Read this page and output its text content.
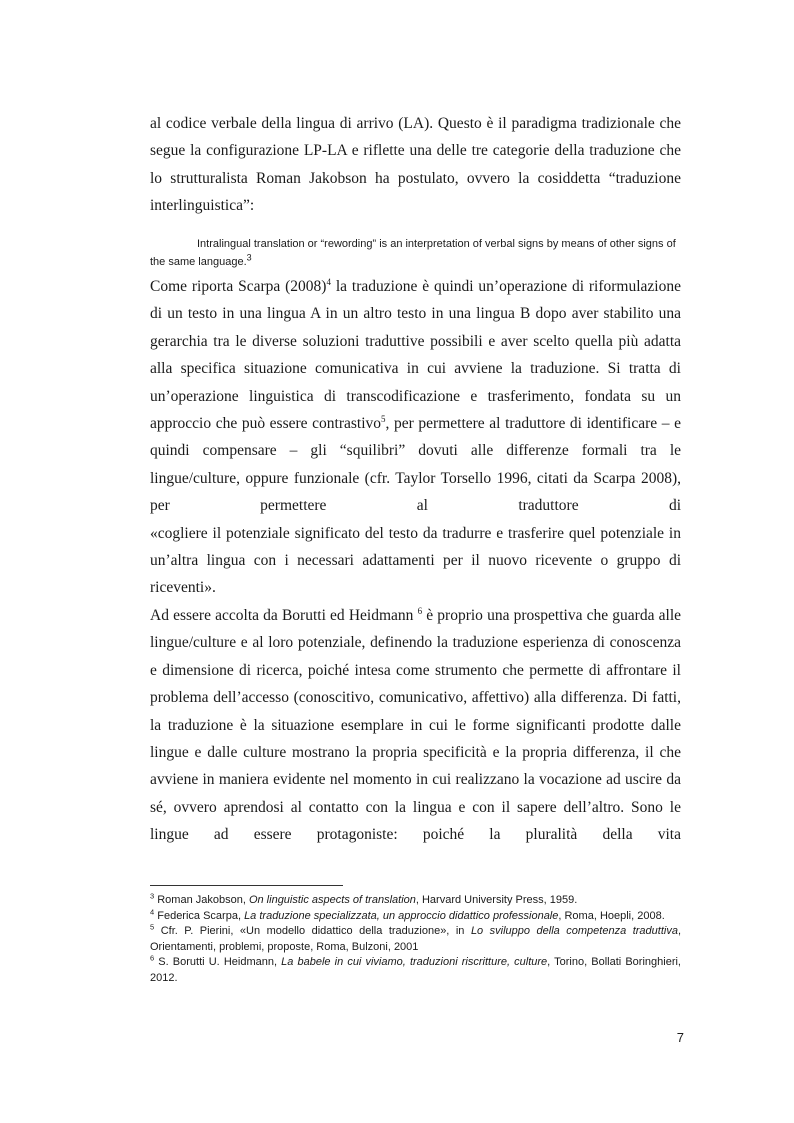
al codice verbale della lingua di arrivo (LA). Questo è il paradigma tradizionale che segue la configurazione LP-LA e riflette una delle tre categorie della traduzione che lo strutturalista Roman Jakobson ha postulato, ovvero la cosiddetta “traduzione interlinguistica”:

Intralingual translation or “rewording” is an interpretation of verbal signs by means of other signs of the same language.$^3$

Come riporta Scarpa $(2008)^4$ la traduzione è quindi un’operazione di riformulazione di un testo in una lingua A in un altro testo in una lingua B dopo aver stabilito una gerarchia tra le diverse soluzioni traduttive possibili e aver scelto quella più adatta alla specifica situazione comunicativa in cui avviene la traduzione. Si tratta di un’operazione linguistica di transcodificazione e trasferimento, fondata su un approccio che può essere contrastivo$^5$, per permettere al traduttore di identificare – e quindi compensare – gli “squilibri” dovuti alle differenze formali tra le lingue/culture, oppure funzionale (cfr. Taylor Torsello 1996, citati da Scarpa 2008),

per permettere al traduttore di

«cogliere il potenziale significato del testo da tradurre e trasferire quel potenziale in un’altra lingua con i necessari adattamenti per il nuovo ricevente o gruppo di riceventi».

Ad essere accolta da Borutti ed Heidmann $^6$ è proprio una prospettiva che guarda alle lingue/culture e al loro potenziale, definendo la traduzione esperienza di conoscenza e dimensione di ricerca, poiché intesa come strumento che permette di affrontare il problema dell’accesso (conoscitivo, comunicativo, affettivo) alla differenza. Di fatti, la traduzione è la situazione esemplare in cui le forme significanti prodotte dalle lingue e dalle culture mostrano la propria specificità e la propria differenza, il che avviene in maniera evidente nel momento in cui realizzano la vocazione ad uscire da sé, ovvero aprendosi al contatto con la lingua e con il sapere dell’altro. Sono le lingue ad essere protagoniste: poiché la pluralità della vita

$^3$ Roman Jakobson, On linguistic aspects of translation, Harvard University Press, 1959.

$^4$ Federica Scarpa, La traduzione specializzata, un approccio didattico professionale, Roma, Hoepli, 2008.

$^5$ Cfr. P. Pierini, «Un modello didattico della traduzione», in Lo sviluppo della competenza traduttiva, Orientamenti, problemi, proposte, Roma, Bulzoni, 2001

$^6$ S. Borutti U. Heidmann, La babele in cui viviamo, traduzioni riscritture, culture, Torino, Bollati Boringhieri, 2012.

7
